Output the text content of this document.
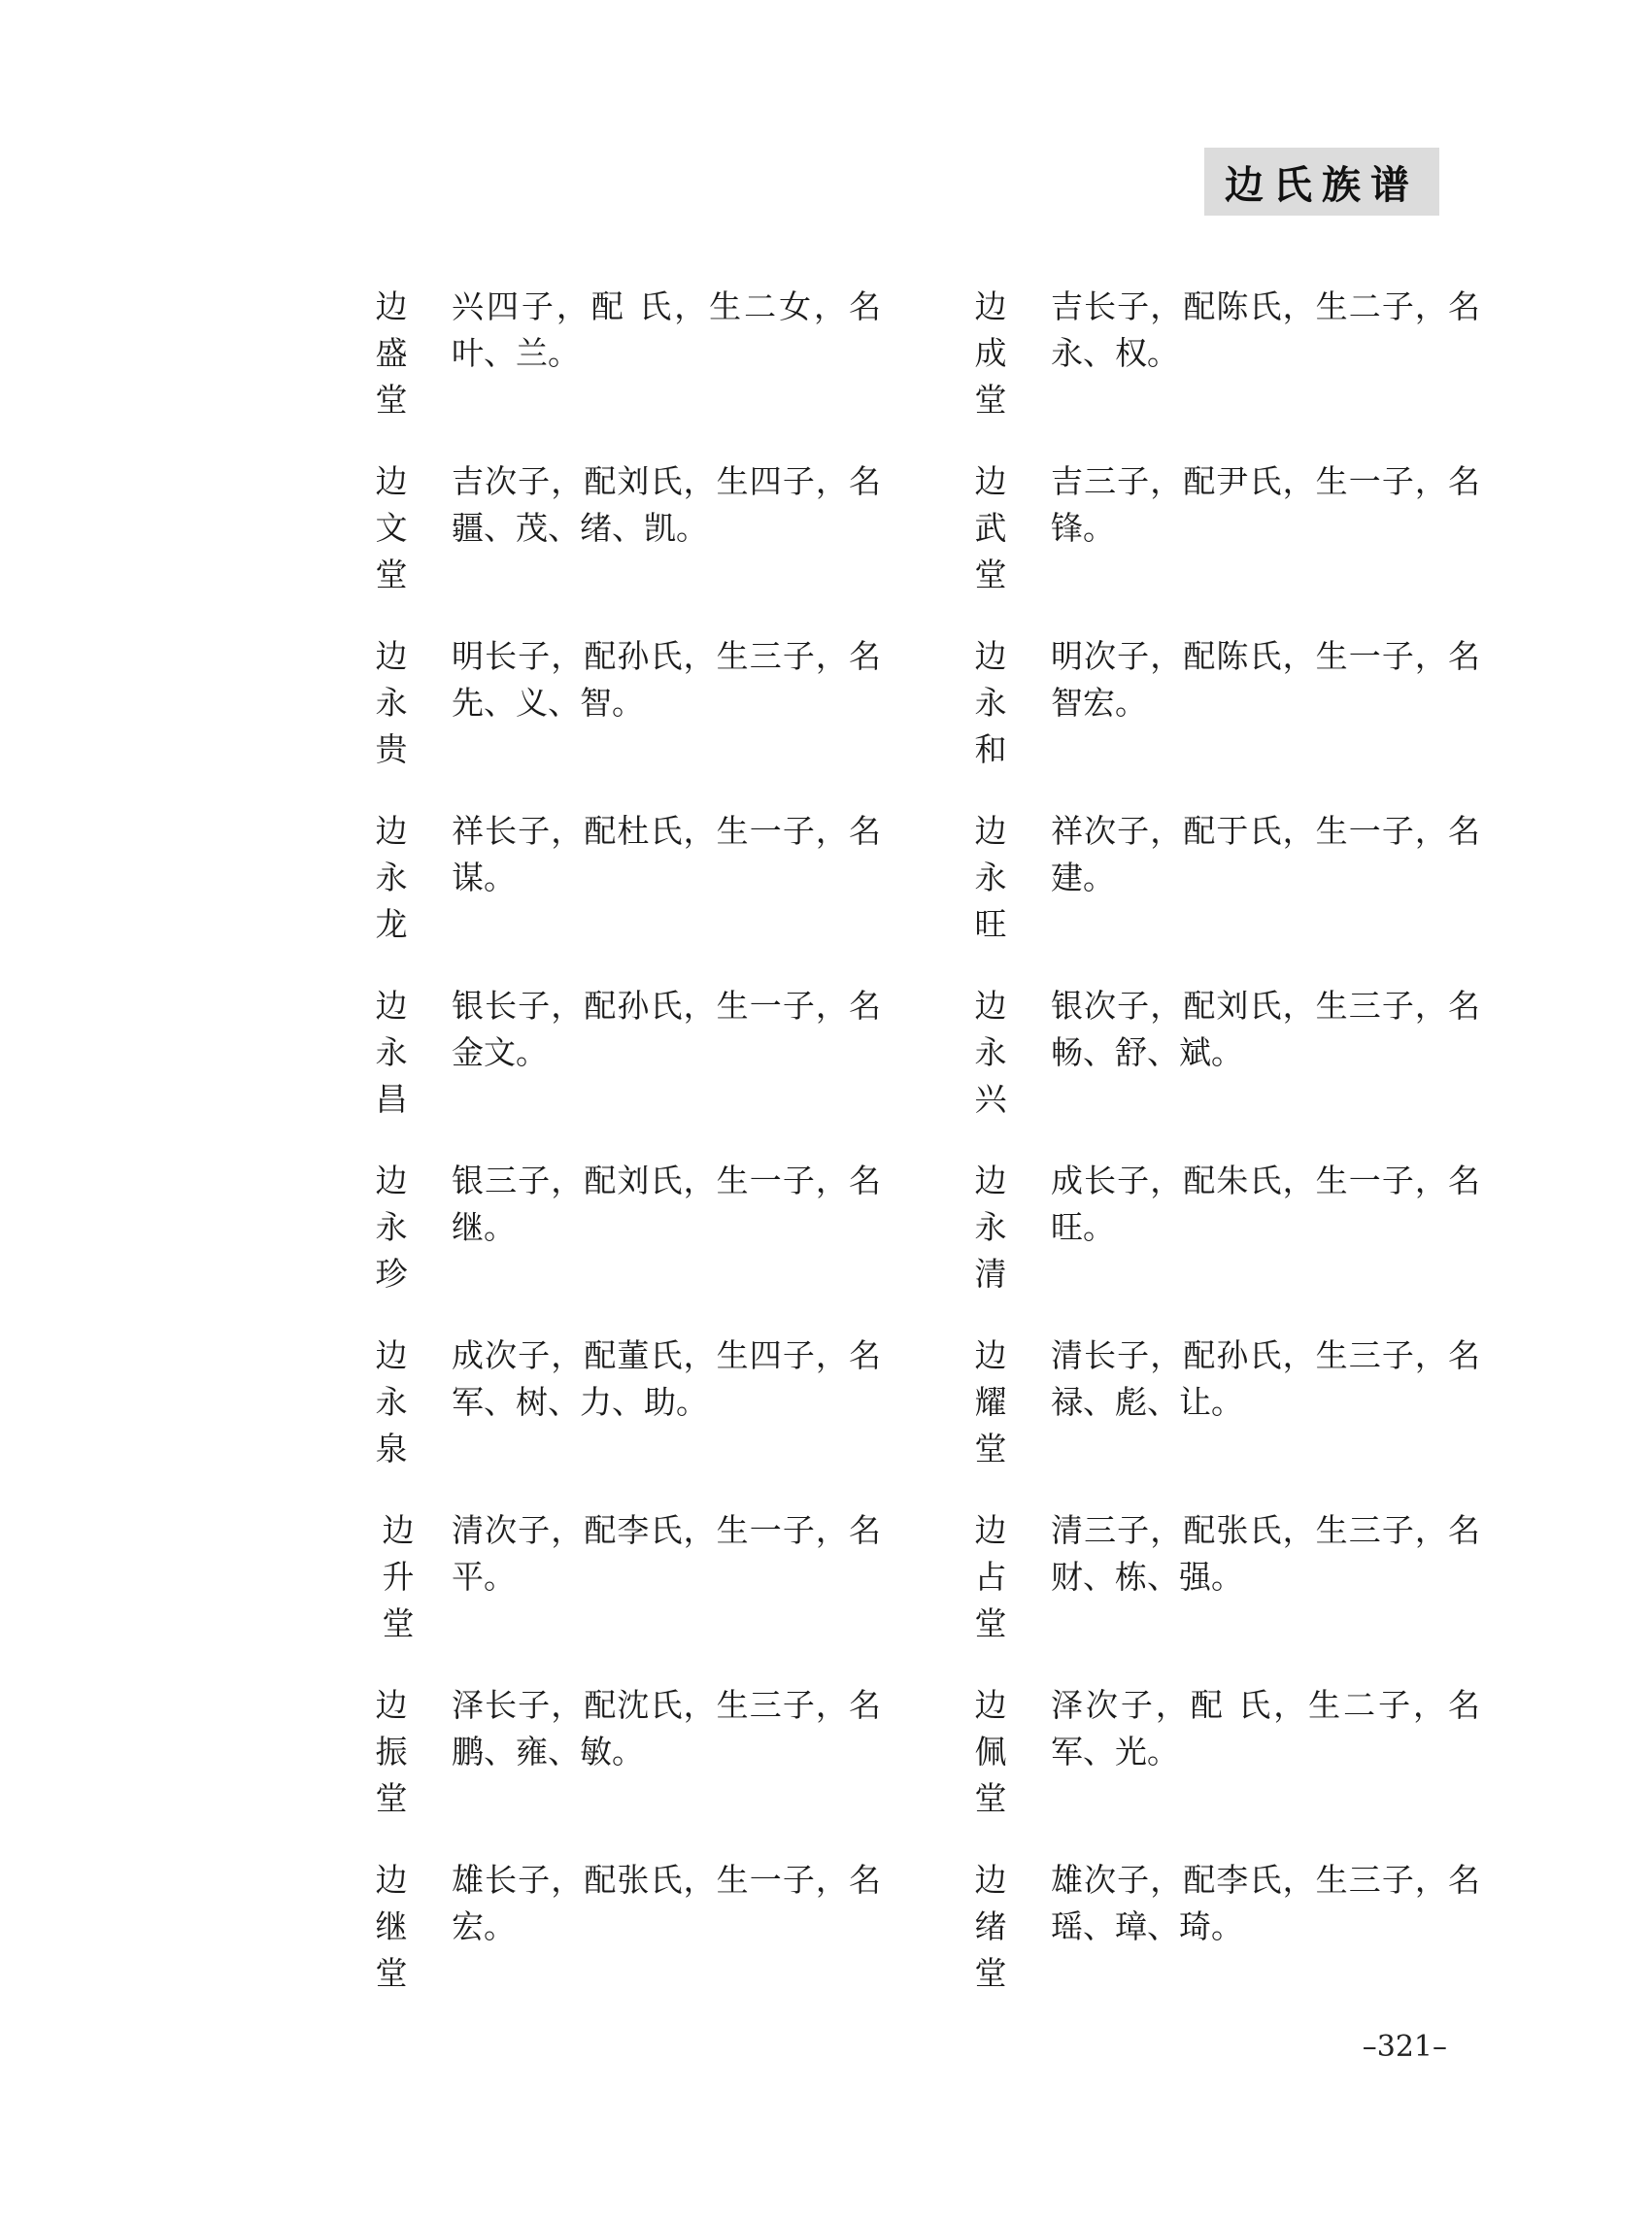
边氏族谱
边
盛
堂
兴四子，配 氏，生二女，名叶、兰。
边
成
堂
吉长子，配陈氏，生二子，名永、权。
边
文
堂
吉次子，配刘氏，生四子，名疆、茂、绪、凯。
边
武
堂
吉三子，配尹氏，生一子，名锋。
边
永
贵
明长子，配孙氏，生三子，名先、义、智。
边
永
和
明次子，配陈氏，生一子，名智宏。
边
永
龙
祥长子，配杜氏，生一子，名谋。
边
永
旺
祥次子，配于氏，生一子，名建。
边
永
昌
银长子，配孙氏，生一子，名金文。
边
永
兴
银次子，配刘氏，生三子，名畅、舒、斌。
边
永
珍
银三子，配刘氏，生一子，名继。
边
永
清
成长子，配朱氏，生一子，名旺。
边
永
泉
成次子，配董氏，生四子，名军、树、力、助。
边
耀
堂
清长子，配孙氏，生三子，名禄、彪、让。
边
升
堂
清次子，配李氏，生一子，名平。
边
占
堂
清三子，配张氏，生三子，名财、栋、强。
边
振
堂
泽长子，配沈氏，生三子，名鹏、雍、敏。
边
佩
堂
泽次子，配 氏，生二子，名军、光。
边
继
堂
雄长子，配张氏，生一子，名宏。
边
绪
堂
雄次子，配李氏，生三子，名瑶、璋、琦。
–321–
